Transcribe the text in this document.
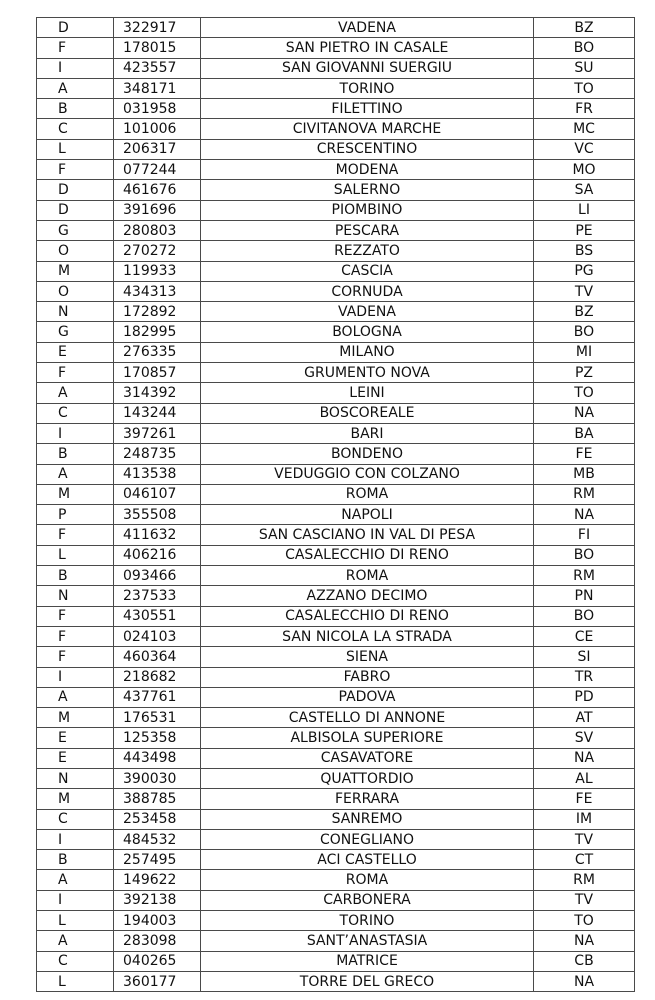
D	322917	VADENA	BZ
F	178015	SAN PIETRO IN CASALE	BO
I	423557	SAN GIOVANNI SUERGIU	SU
A	348171	TORINO	TO
B	031958	FILETTINO	FR
C	101006	CIVITANOVA MARCHE	MC
L	206317	CRESCENTINO	VC
F	077244	MODENA	MO
D	461676	SALERNO	SA
D	391696	PIOMBINO	LI
G	280803	PESCARA	PE
O	270272	REZZATO	BS
M	119933	CASCIA	PG
O	434313	CORNUDA	TV
N	172892	VADENA	BZ
G	182995	BOLOGNA	BO
E	276335	MILANO	MI
F	170857	GRUMENTO NOVA	PZ
A	314392	LEINI	TO
C	143244	BOSCOREALE	NA
I	397261	BARI	BA
B	248735	BONDENO	FE
A	413538	VEDUGGIO CON COLZANO	MB
M	046107	ROMA	RM
P	355508	NAPOLI	NA
F	411632	SAN CASCIANO IN VAL DI PESA	FI
L	406216	CASALECCHIO DI RENO	BO
B	093466	ROMA	RM
N	237533	AZZANO DECIMO	PN
F	430551	CASALECCHIO DI RENO	BO
F	024103	SAN NICOLA LA STRADA	CE
F	460364	SIENA	SI
I	218682	FABRO	TR
A	437761	PADOVA	PD
M	176531	CASTELLO DI ANNONE	AT
E	125358	ALBISOLA SUPERIORE	SV
E	443498	CASAVATORE	NA
N	390030	QUATTORDIO	AL
M	388785	FERRARA	FE
C	253458	SANREMO	IM
I	484532	CONEGLIANO	TV
B	257495	ACI CASTELLO	CT
A	149622	ROMA	RM
I	392138	CARBONERA	TV
L	194003	TORINO	TO
A	283098	SANT’ANASTASIA	NA
C	040265	MATRICE	CB
L	360177	TORRE DEL GRECO	NA
